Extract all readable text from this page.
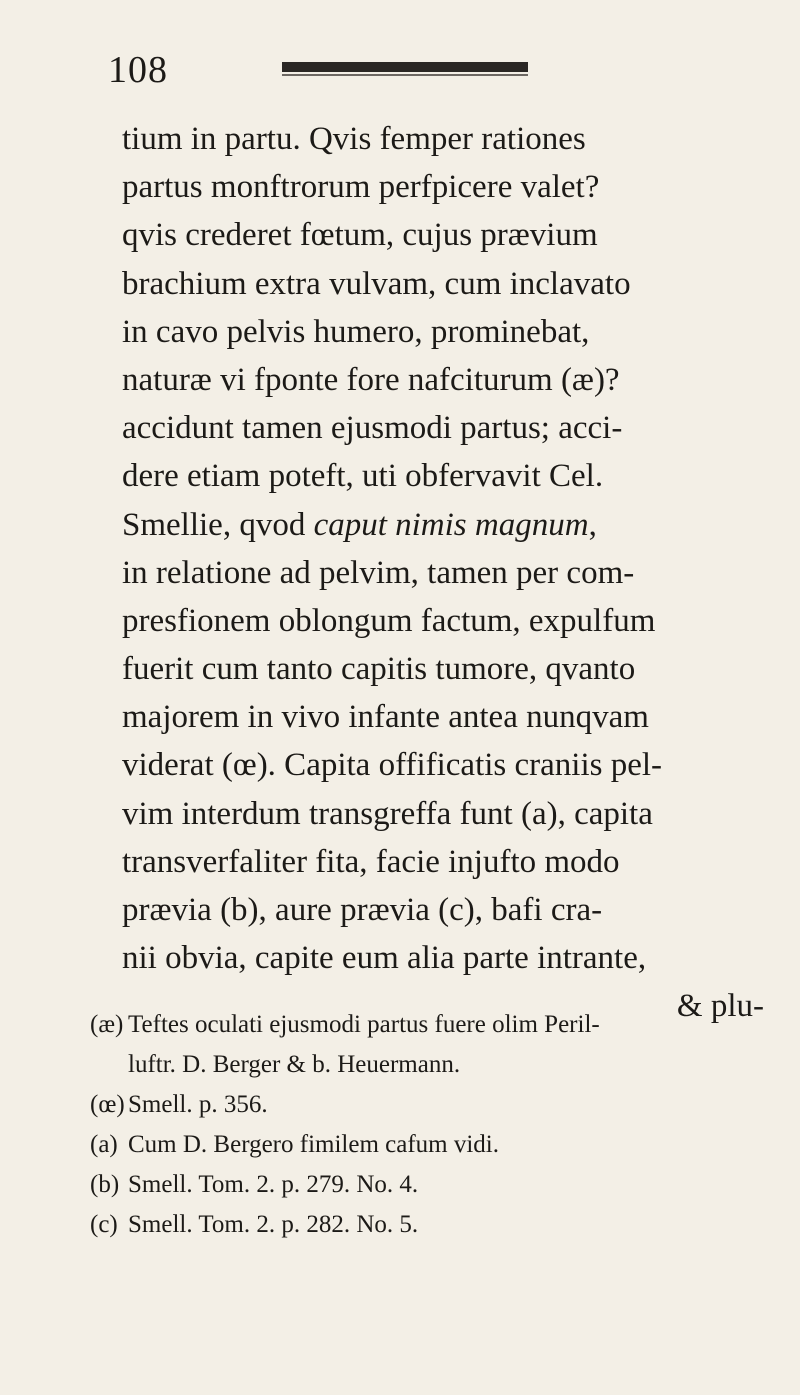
108
tium in partu. Qvis femper rationes
partus monftrorum perfpicere valet?
qvis crederet fœtum, cujus prævium
brachium extra vulvam, cum inclavato
in cavo pelvis humero, prominebat,
naturæ vi fponte fore nafciturum (æ)?
accidunt tamen ejusmodi partus; acci-
dere etiam poteft, uti obfervavit Cel.
Smellie, qvod caput nimis magnum,
in relatione ad pelvim, tamen per com-
presfionem oblongum factum, expulfum
fuerit cum tanto capitis tumore, qvanto
majorem in vivo infante antea nunqvam
viderat (œ). Capita offificatis craniis pel-
vim interdum transgreffa funt (a), capita
transverfaliter fita, facie injufto modo
prævia (b), aure prævia (c), bafi cra-
nii obvia, capite eum alia parte intrante,
& plu-
(æ) Teftes oculati ejusmodi partus fuere olim Peril-
luftr. D. Berger & b. Heuermann.
(œ) Smell. p. 356.
(a) Cum D. Bergero fimilem cafum vidi.
(b) Smell. Tom. 2. p. 279. No. 4.
(c) Smell. Tom. 2. p. 282. No. 5.
